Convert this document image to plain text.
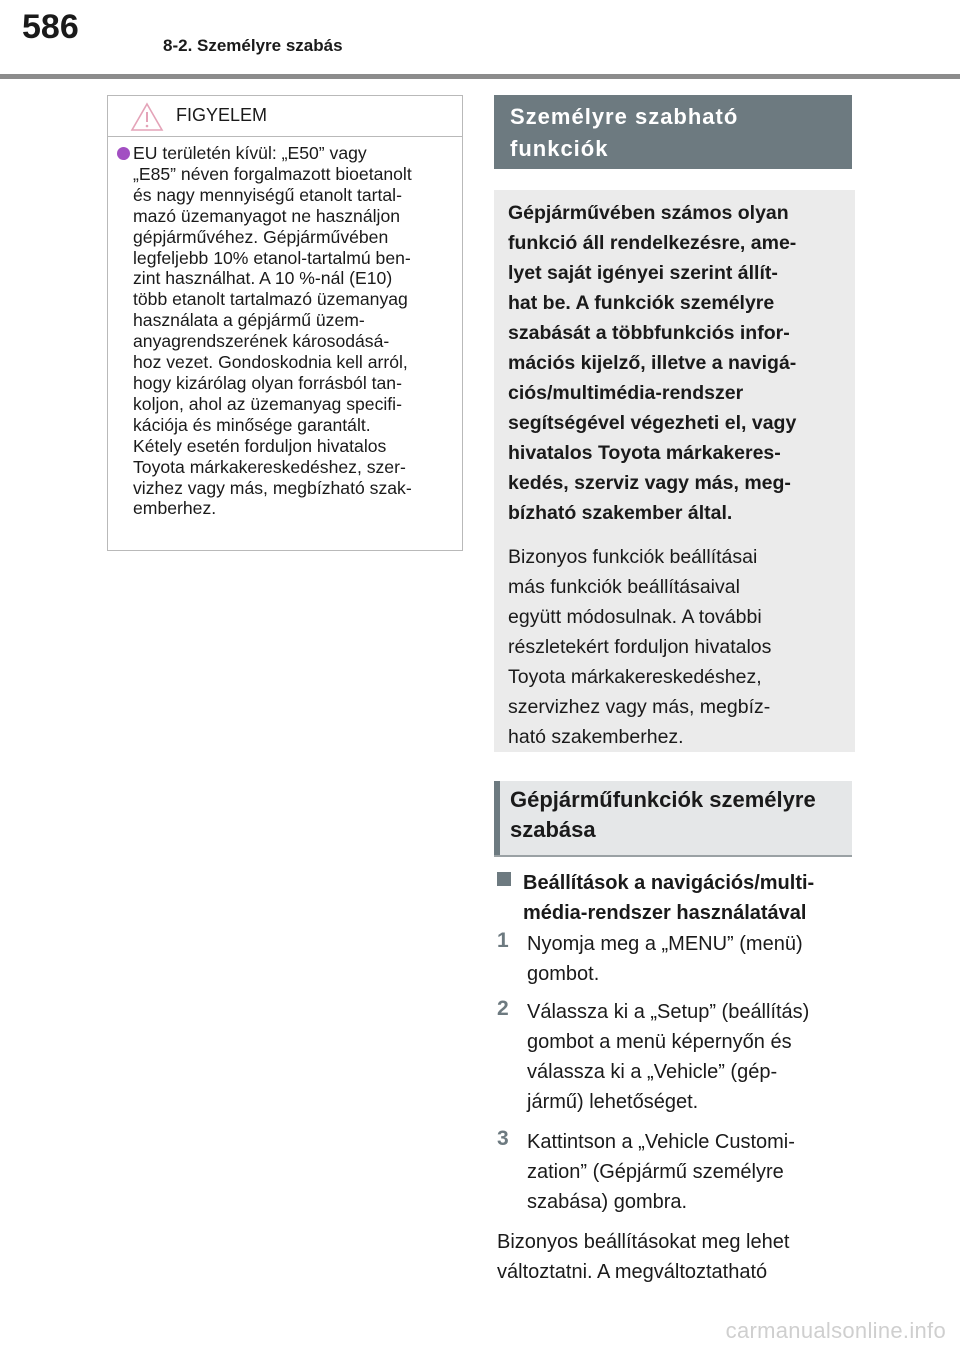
586	8-2. Személyre szabás
FIGYELEM
EU területén kívül: „E50” vagy
„E85” néven forgalmazott bioetanolt
és nagy mennyiségű etanolt tartal-
mazó üzemanyagot ne használjon
gépjárművéhez. Gépjárművében
legfeljebb 10% etanol-tartalmú ben-
zint használhat. A 10 %-nál (E10)
több etanolt tartalmazó üzemanyag
használata a gépjármű üzem-
anyagrendszerének károsodásá-
hoz vezet. Gondoskodnia kell arról,
hogy kizárólag olyan forrásból tan-
koljon, ahol az üzemanyag specifi-
kációja és minősége garantált.
Kétely esetén forduljon hivatalos
Toyota márkakereskedéshez, szer-
vizhez vagy más, megbízható szak-
emberhez.
Személyre szabható
funkciók
Gépjárművében számos olyan
funkció áll rendelkezésre, ame-
lyet saját igényei szerint állít-
hat be. A funkciók személyre
szabását a többfunkciós infor-
mációs kijelző, illetve a navigá-
ciós/multimédia-rendszer
segítségével végezheti el, vagy
hivatalos Toyota márkakeres-
kedés, szerviz vagy más, meg-
bízható szakember által.
Bizonyos funkciók beállításai
más funkciók beállításaival
együtt módosulnak. A további
részletekért forduljon hivatalos
Toyota márkakereskedéshez,
szervizhez vagy más, megbíz-
ható szakemberhez.
Gépjárműfunkciók személyre
szabása
Beállítások a navigációs/multi-
média-rendszer használatával
1 Nyomja meg a „MENU” (menü)
gombot.
2 Válassza ki a „Setup” (beállítás)
gombot a menü képernyőn és
válassza ki a „Vehicle” (gép-
jármű) lehetőséget.
3 Kattintson a „Vehicle Customi-
zation” (Gépjármű személyre
szabása) gombra.
Bizonyos beállításokat meg lehet
változtatni. A megváltoztatható
carmanualsonline.info
